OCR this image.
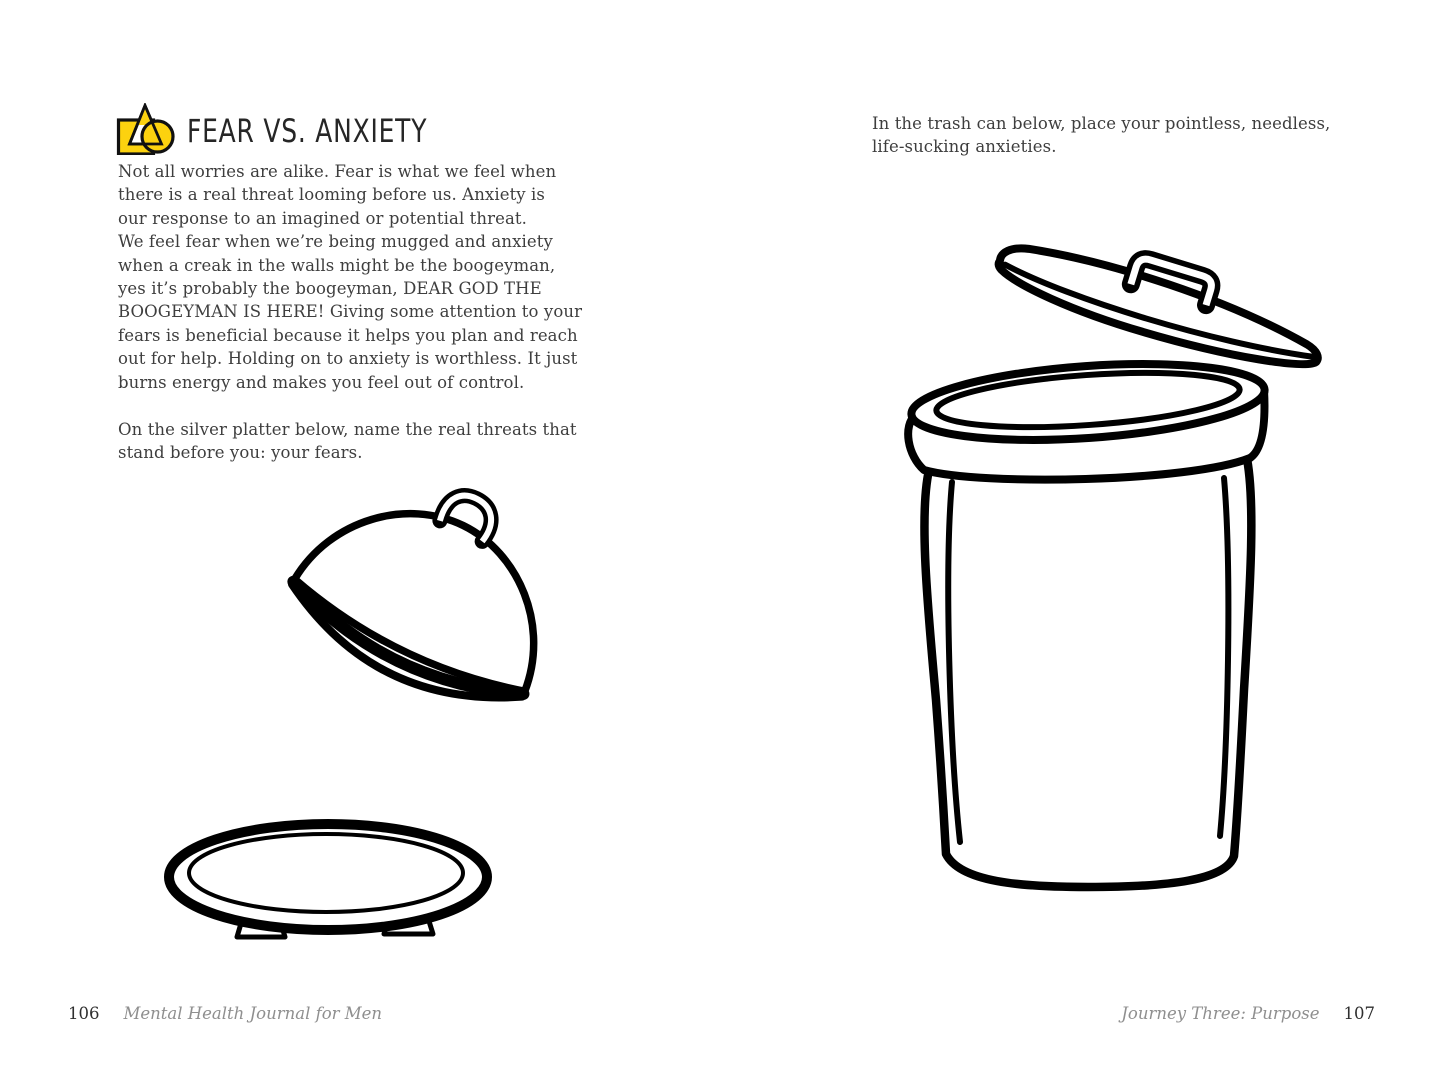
FEAR VS. ANXIETY
Not all worries are alike. Fear is what we feel when
there is a real threat looming before us. Anxiety is
our response to an imagined or potential threat.
We feel fear when we’re being mugged and anxiety
when a creak in the walls might be the boogeyman,
yes it’s probably the boogeyman, DEAR GOD THE
BOOGEYMAN IS HERE! Giving some attention to your
fears is beneficial because it helps you plan and reach
out for help. Holding on to anxiety is worthless. It just
burns energy and makes you feel out of control.
On the silver platter below, name the real threats that
stand before you: your fears.
106 Mental Health Journal for Men
In the trash can below, place your pointless, needless,
life-sucking anxieties.
Journey Three: Purpose 107
